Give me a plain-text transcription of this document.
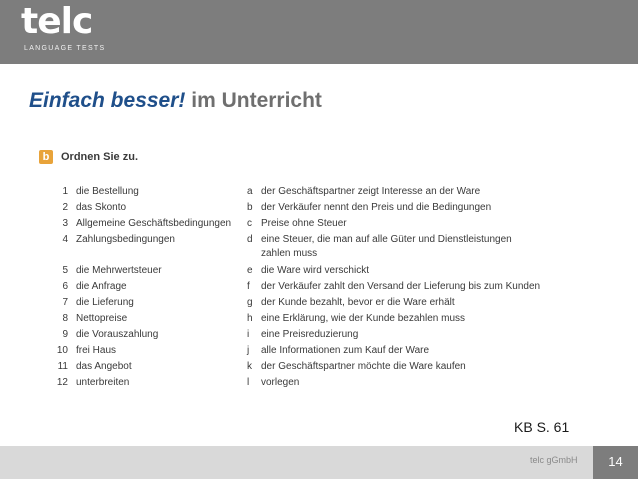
telc
LANGUAGE TESTS
Einfach besser! im Unterricht
b	Ordnen Sie zu.
1 die Bestellung	a der Geschäftspartner zeigt Interesse an der Ware
2 das Skonto	b der Verkäufer nennt den Preis und die Bedingungen
3 Allgemeine Geschäftsbedingungen c Preise ohne Steuer
4 Zahlungsbedingungen	d eine Steuer, die man auf alle Güter und Dienstleistungen
zahlen muss
5 die Mehrwertsteuer	e die Ware wird verschickt
6 die Anfrage	f der Verkäufer zahlt den Versand der Lieferung bis zum Kunden
7 die Lieferung	g der Kunde bezahlt, bevor er die Ware erhält
8 Nettopreise	h eine Erklärung, wie der Kunde bezahlen muss
9 die Vorauszahlung	i eine Preisreduzierung
10 frei Haus	j alle Informationen zum Kauf der Ware
11 das Angebot	k der Geschäftspartner möchte die Ware kaufen
12 unterbreiten	l vorlegen
KB S. 61
telc gGmbH	14
